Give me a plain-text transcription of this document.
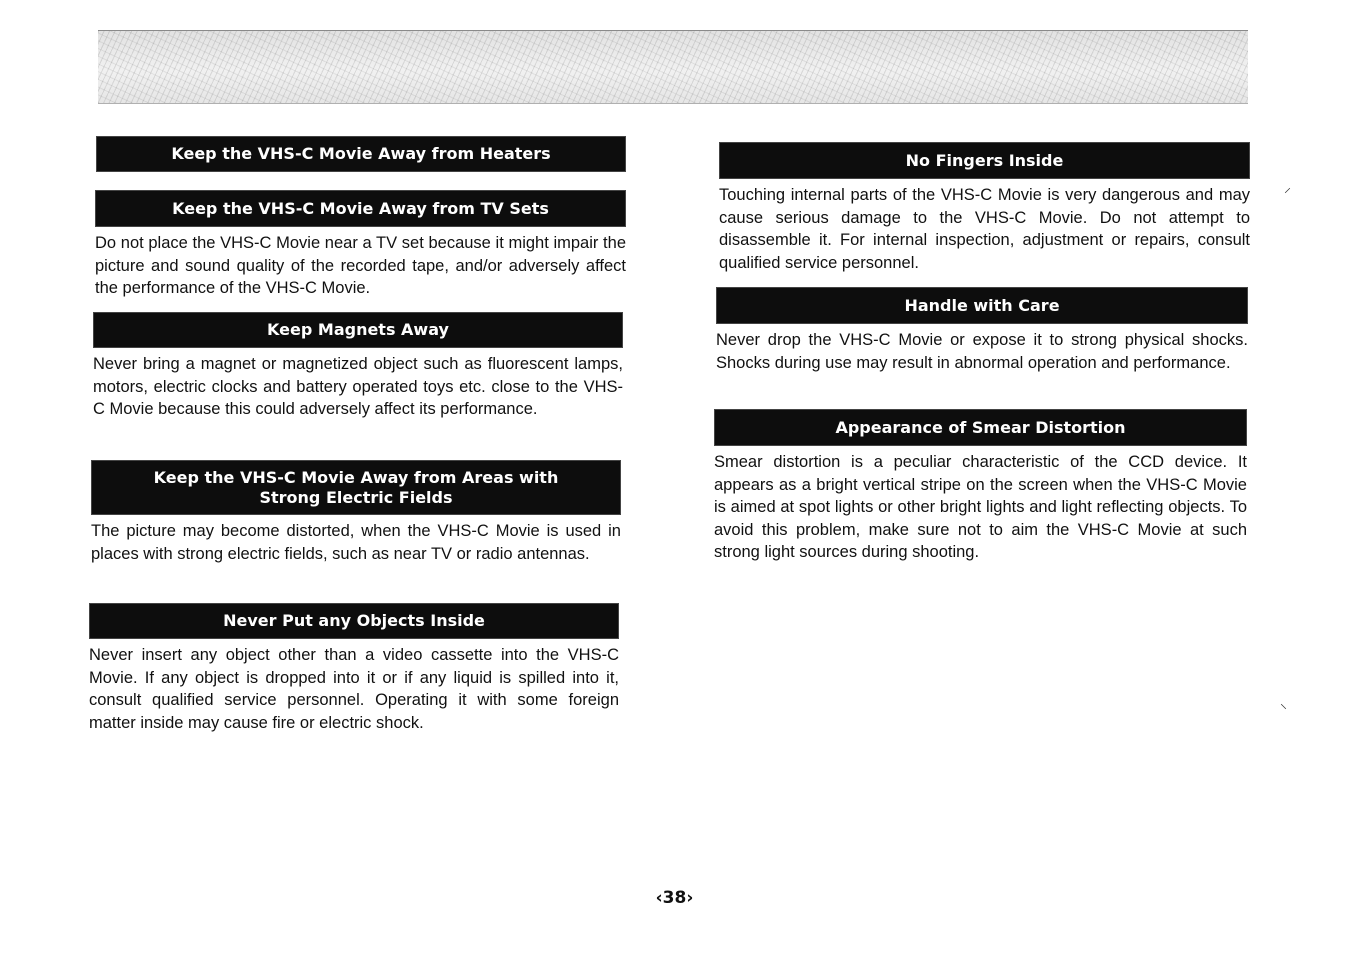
Keep the VHS-C Movie Away from Heaters
Keep the VHS-C Movie Away from TV Sets

Do not place the VHS-C Movie near a TV set because it might impair the picture and sound quality of the recorded tape, and/or adversely affect the performance of the VHS-C Movie.

Keep Magnets Away

Never bring a magnet or magnetized object such as fluorescent lamps, motors, electric clocks and battery operated toys etc. close to the VHS-C Movie because this could adversely affect its performance.

Keep the VHS-C Movie Away from Areas with
Strong Electric Fields

The picture may become distorted, when the VHS-C Movie is used in places with strong electric fields, such as near TV or radio antennas.

Never Put any Objects Inside

Never insert any object other than a video cassette into the VHS-C Movie. If any object is dropped into it or if any liquid is spilled into it, consult qualified service personnel. Operating it with some foreign matter inside may cause fire or electric shock.

No Fingers Inside

Touching internal parts of the VHS-C Movie is very dangerous and may cause serious damage to the VHS-C Movie. Do not attempt to disassemble it. For internal inspection, adjustment or repairs, consult qualified service personnel.

Handle with Care

Never drop the VHS-C Movie or expose it to strong physical shocks. Shocks during use may result in abnormal operation and performance.

Appearance of Smear Distortion

Smear distortion is a peculiar characteristic of the CCD device. It appears as a bright vertical stripe on the screen when the VHS-C Movie is aimed at spot lights or other bright lights and light reflecting objects. To avoid this problem, make sure not to aim the VHS-C Movie at such strong light sources during shooting.

‹38›
⸝
⸜
